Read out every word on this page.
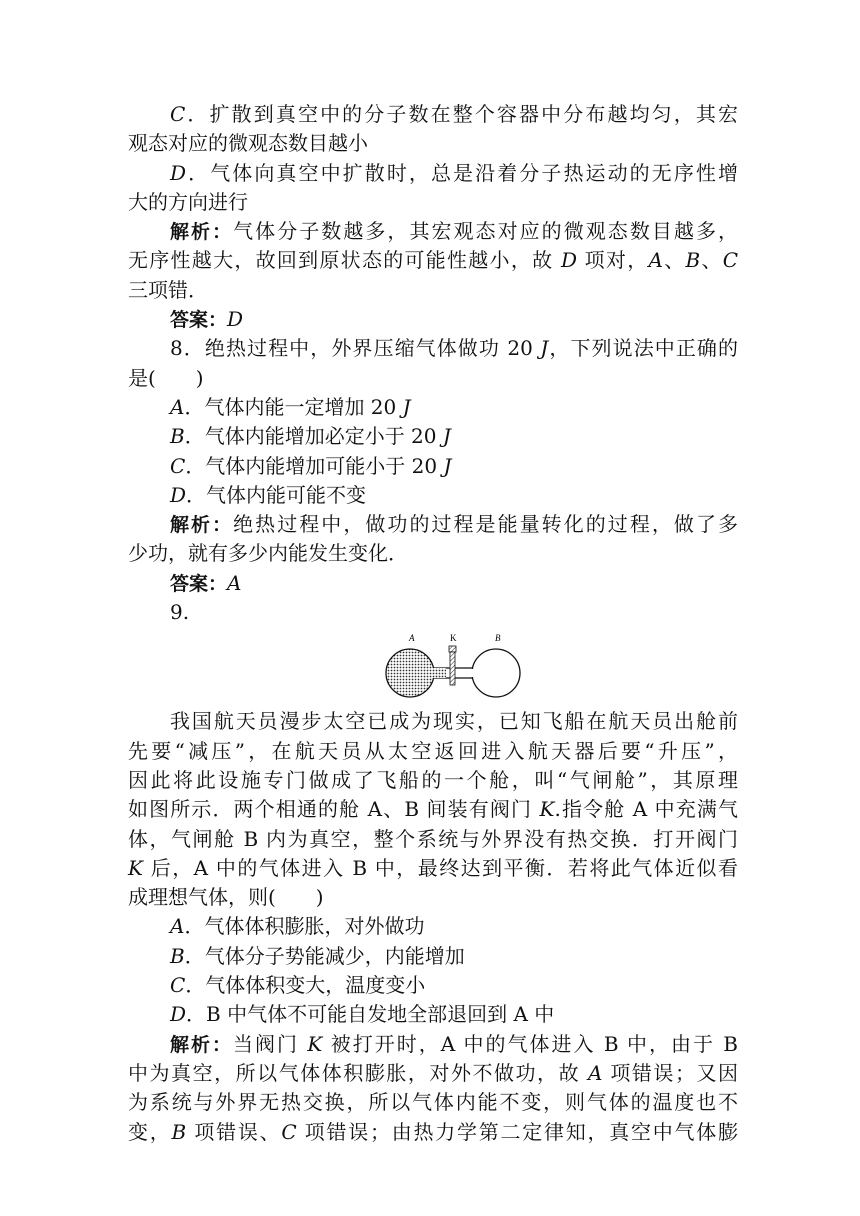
C．扩散到真空中的分子数在整个容器中分布越均匀，其宏
观态对应的微观态数目越小
D．气体向真空中扩散时，总是沿着分子热运动的无序性增
大的方向进行
解析：气体分子数越多，其宏观态对应的微观态数目越多，
无序性越大，故回到原状态的可能性越小，故 D 项对，A、B、C
三项错．
答案：D
8．绝热过程中，外界压缩气体做功 20 J，下列说法中正确的
是(　　)
A．气体内能一定增加 20 J
B．气体内能增加必定小于 20 J
C．气体内能增加可能小于 20 J
D．气体内能可能不变
解析：绝热过程中，做功的过程是能量转化的过程，做了多
少功，就有多少内能发生变化．
答案：A
9.
A	K	B
我国航天员漫步太空已成为现实，已知飞船在航天员出舱前
先要“减压”，在航天员从太空返回进入航天器后要“升压”，
因此将此设施专门做成了飞船的一个舱，叫“气闸舱”，其原理
如图所示．两个相通的舱 A、B 间装有阀门 K.指令舱 A 中充满气
体，气闸舱 B 内为真空，整个系统与外界没有热交换．打开阀门
K 后，A 中的气体进入 B 中，最终达到平衡．若将此气体近似看
成理想气体，则(　　)
A．气体体积膨胀，对外做功
B．气体分子势能减少，内能增加
C．气体体积变大，温度变小
D．B 中气体不可能自发地全部退回到 A 中
解析：当阀门 K 被打开时，A 中的气体进入 B 中，由于 B
中为真空，所以气体体积膨胀，对外不做功，故 A 项错误；又因
为系统与外界无热交换，所以气体内能不变，则气体的温度也不
变，B 项错误、C 项错误；由热力学第二定律知，真空中气体膨
